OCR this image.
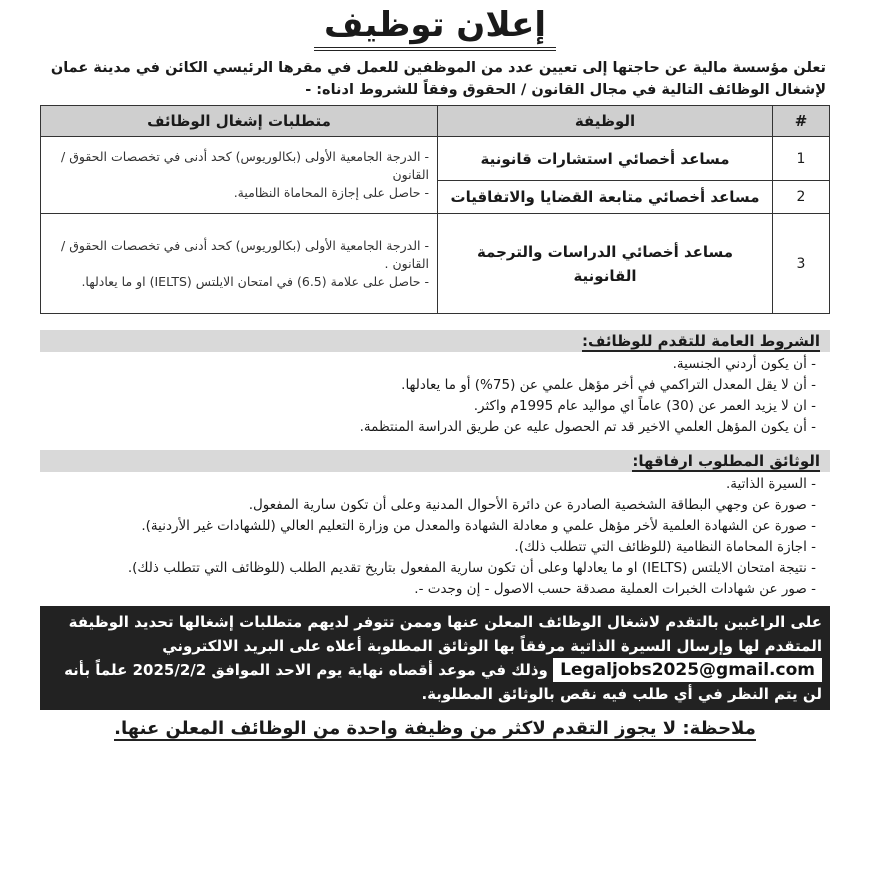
إعلان توظيف
تعلن مؤسسة مالية عن حاجتها إلى تعيين عدد من الموظفين للعمل في مقرها الرئيسي الكائن في مدينة عمان لإشغال الوظائف التالية في مجال القانون / الحقوق وفقاً للشروط ادناه: -
#	الوظيفة	متطلبات إشغال الوظائف
1	مساعد أخصائي استشارات قانونية	- الدرجة الجامعية الأولى (بكالوريوس) كحد أدنى في تخصصات الحقوق / القانون
- حاصل على إجازة المحاماة النظامية.

2	مساعد أخصائي متابعة القضايا والاتفاقيات	
3	مساعد أخصائي الدراسات والترجمة القانونية	- الدرجة الجامعية الأولى (بكالوريوس) كحد أدنى في تخصصات الحقوق / القانون .
- حاصل على علامة (6.5) في امتحان الايلتس (IELTS) او ما يعادلها.
الشروط العامة للتقدم للوظائف:
- أن يكون أردني الجنسية.
- أن لا يقل المعدل التراكمي في أخر مؤهل علمي عن (75%) أو ما يعادلها.
- ان لا يزيد العمر عن (30) عاماً اي مواليد عام 1995م واكثر.
- أن يكون المؤهل العلمي الاخير قد تم الحصول عليه عن طريق الدراسة المنتظمة.
الوثائق المطلوب ارفاقها:
- السيرة الذاتية.
- صورة عن وجهي البطاقة الشخصية الصادرة عن دائرة الأحوال المدنية وعلى أن تكون سارية المفعول.
- صورة عن الشهادة العلمية لأخر مؤهل علمي و معادلة الشهادة والمعدل من وزارة التعليم العالي (للشهادات غير الأردنية).
- اجازة المحاماة النظامية (للوظائف التي تتطلب ذلك).
- نتيجة امتحان الايلتس (IELTS) او ما يعادلها وعلى أن تكون سارية المفعول بتاريخ تقديم الطلب (للوظائف التي تتطلب ذلك).
- صور عن شهادات الخبرات العملية مصدقة حسب الاصول - إن وجدت -.
على الراغبين بالتقدم لاشغال الوظائف المعلن عنها وممن تتوفر لديهم متطلبات إشغالها تحديد الوظيفة المتقدم لها وإرسال السيرة الذاتية مرفقاً بها الوثائق المطلوبة أعلاه على البريد الالكتروني Legaljobs2025@gmail.com وذلك في موعد أقصاه نهاية يوم الاحد الموافق 2025/2/2 علماً بأنه لن يتم النظر في أي طلب فيه نقص بالوثائق المطلوبة.
ملاحظة: لا يجوز التقدم لاكثر من وظيفة واحدة من الوظائف المعلن عنها.
